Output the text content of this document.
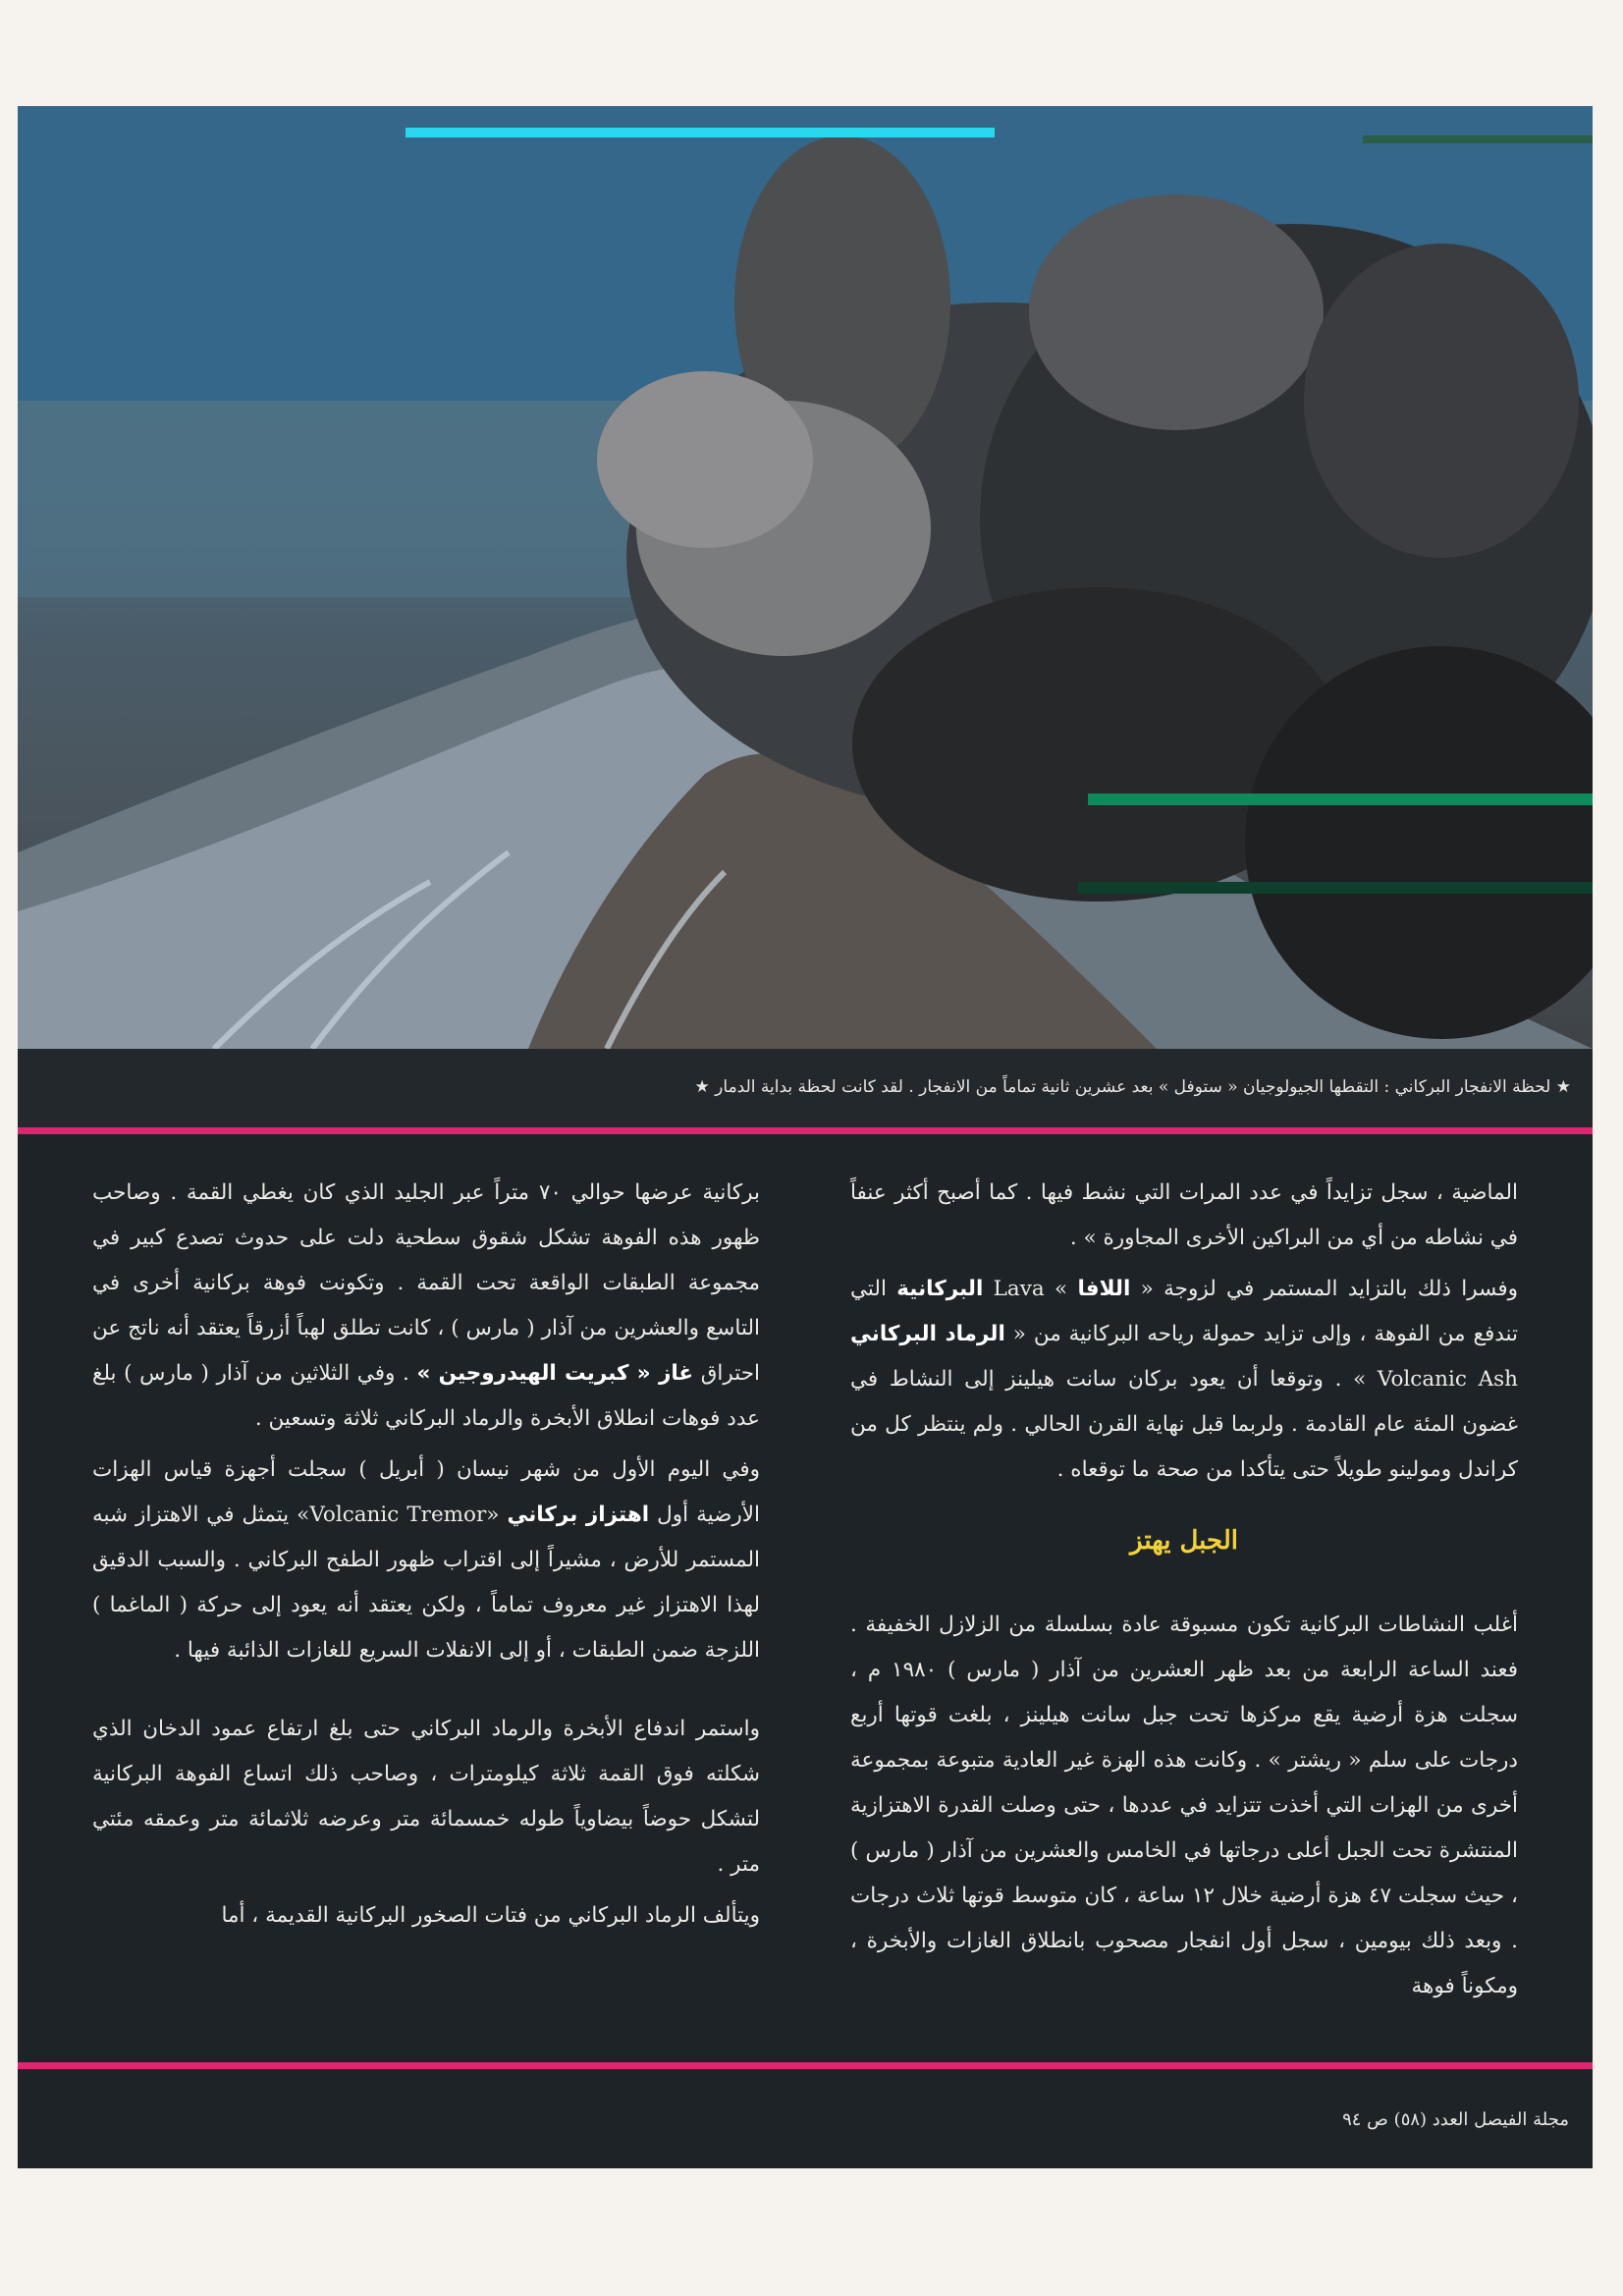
★ لحظة الانفجار البركاني : التقطها الجيولوجيان « ستوفل » بعد عشرين ثانية تماماً من الانفجار . لقد كانت لحظة بداية الدمار ★

الماضية ، سجل تزايداً في عدد المرات التي نشط فيها . كما أصبح أكثر عنفاً في نشاطه من أي من البراكين الأخرى المجاورة » .

وفسرا ذلك بالتزايد المستمر في لزوجة « اللافا » Lava البركانية التي تندفع من الفوهة ، وإلى تزايد حمولة رياحه البركانية من « الرماد البركاني Volcanic Ash » . وتوقعا أن يعود بركان سانت هيلينز إلى النشاط في غضون المئة عام القادمة . ولربما قبل نهاية القرن الحالي . ولم ينتظر كل من كراندل ومولينو طويلاً حتى يتأكدا من صحة ما توقعاه .

الجبل يهتز

أغلب النشاطات البركانية تكون مسبوقة عادة بسلسلة من الزلازل الخفيفة . فعند الساعة الرابعة من بعد ظهر العشرين من آذار ( مارس ) ١٩٨٠ م ، سجلت هزة أرضية يقع مركزها تحت جبل سانت هيلينز ، بلغت قوتها أربع درجات على سلم « ريشتر » . وكانت هذه الهزة غير العادية متبوعة بمجموعة أخرى من الهزات التي أخذت تتزايد في عددها ، حتى وصلت القدرة الاهتزازية المنتشرة تحت الجبل أعلى درجاتها في الخامس والعشرين من آذار ( مارس ) ، حيث سجلت ٤٧ هزة أرضية خلال ١٢ ساعة ، كان متوسط قوتها ثلاث درجات . وبعد ذلك بيومين ، سجل أول انفجار مصحوب بانطلاق الغازات والأبخرة ، ومكوناً فوهة

بركانية عرضها حوالي ٧٠ متراً عبر الجليد الذي كان يغطي القمة . وصاحب ظهور هذه الفوهة تشكل شقوق سطحية دلت على حدوث تصدع كبير في مجموعة الطبقات الواقعة تحت القمة . وتكونت فوهة بركانية أخرى في التاسع والعشرين من آذار ( مارس ) ، كانت تطلق لهباً أزرقاً يعتقد أنه ناتج عن احتراق غاز « كبريت الهيدروجين » . وفي الثلاثين من آذار ( مارس ) بلغ عدد فوهات انطلاق الأبخرة والرماد البركاني ثلاثة وتسعين .

وفي اليوم الأول من شهر نيسان ( أبريل ) سجلت أجهزة قياس الهزات الأرضية أول اهتزاز بركاني «Volcanic Tremor» يتمثل في الاهتزاز شبه المستمر للأرض ، مشيراً إلى اقتراب ظهور الطفح البركاني . والسبب الدقيق لهذا الاهتزاز غير معروف تماماً ، ولكن يعتقد أنه يعود إلى حركة ( الماغما ) اللزجة ضمن الطبقات ، أو إلى الانفلات السريع للغازات الذائبة فيها .

واستمر اندفاع الأبخرة والرماد البركاني حتى بلغ ارتفاع عمود الدخان الذي شكلته فوق القمة ثلاثة كيلومترات ، وصاحب ذلك اتساع الفوهة البركانية لتشكل حوضاً بيضاوياً طوله خمسمائة متر وعرضه ثلاثمائة متر وعمقه مئتي متر .

ويتألف الرماد البركاني من فتات الصخور البركانية القديمة ، أما

مجلة الفيصل العدد (٥٨) ص ٩٤
